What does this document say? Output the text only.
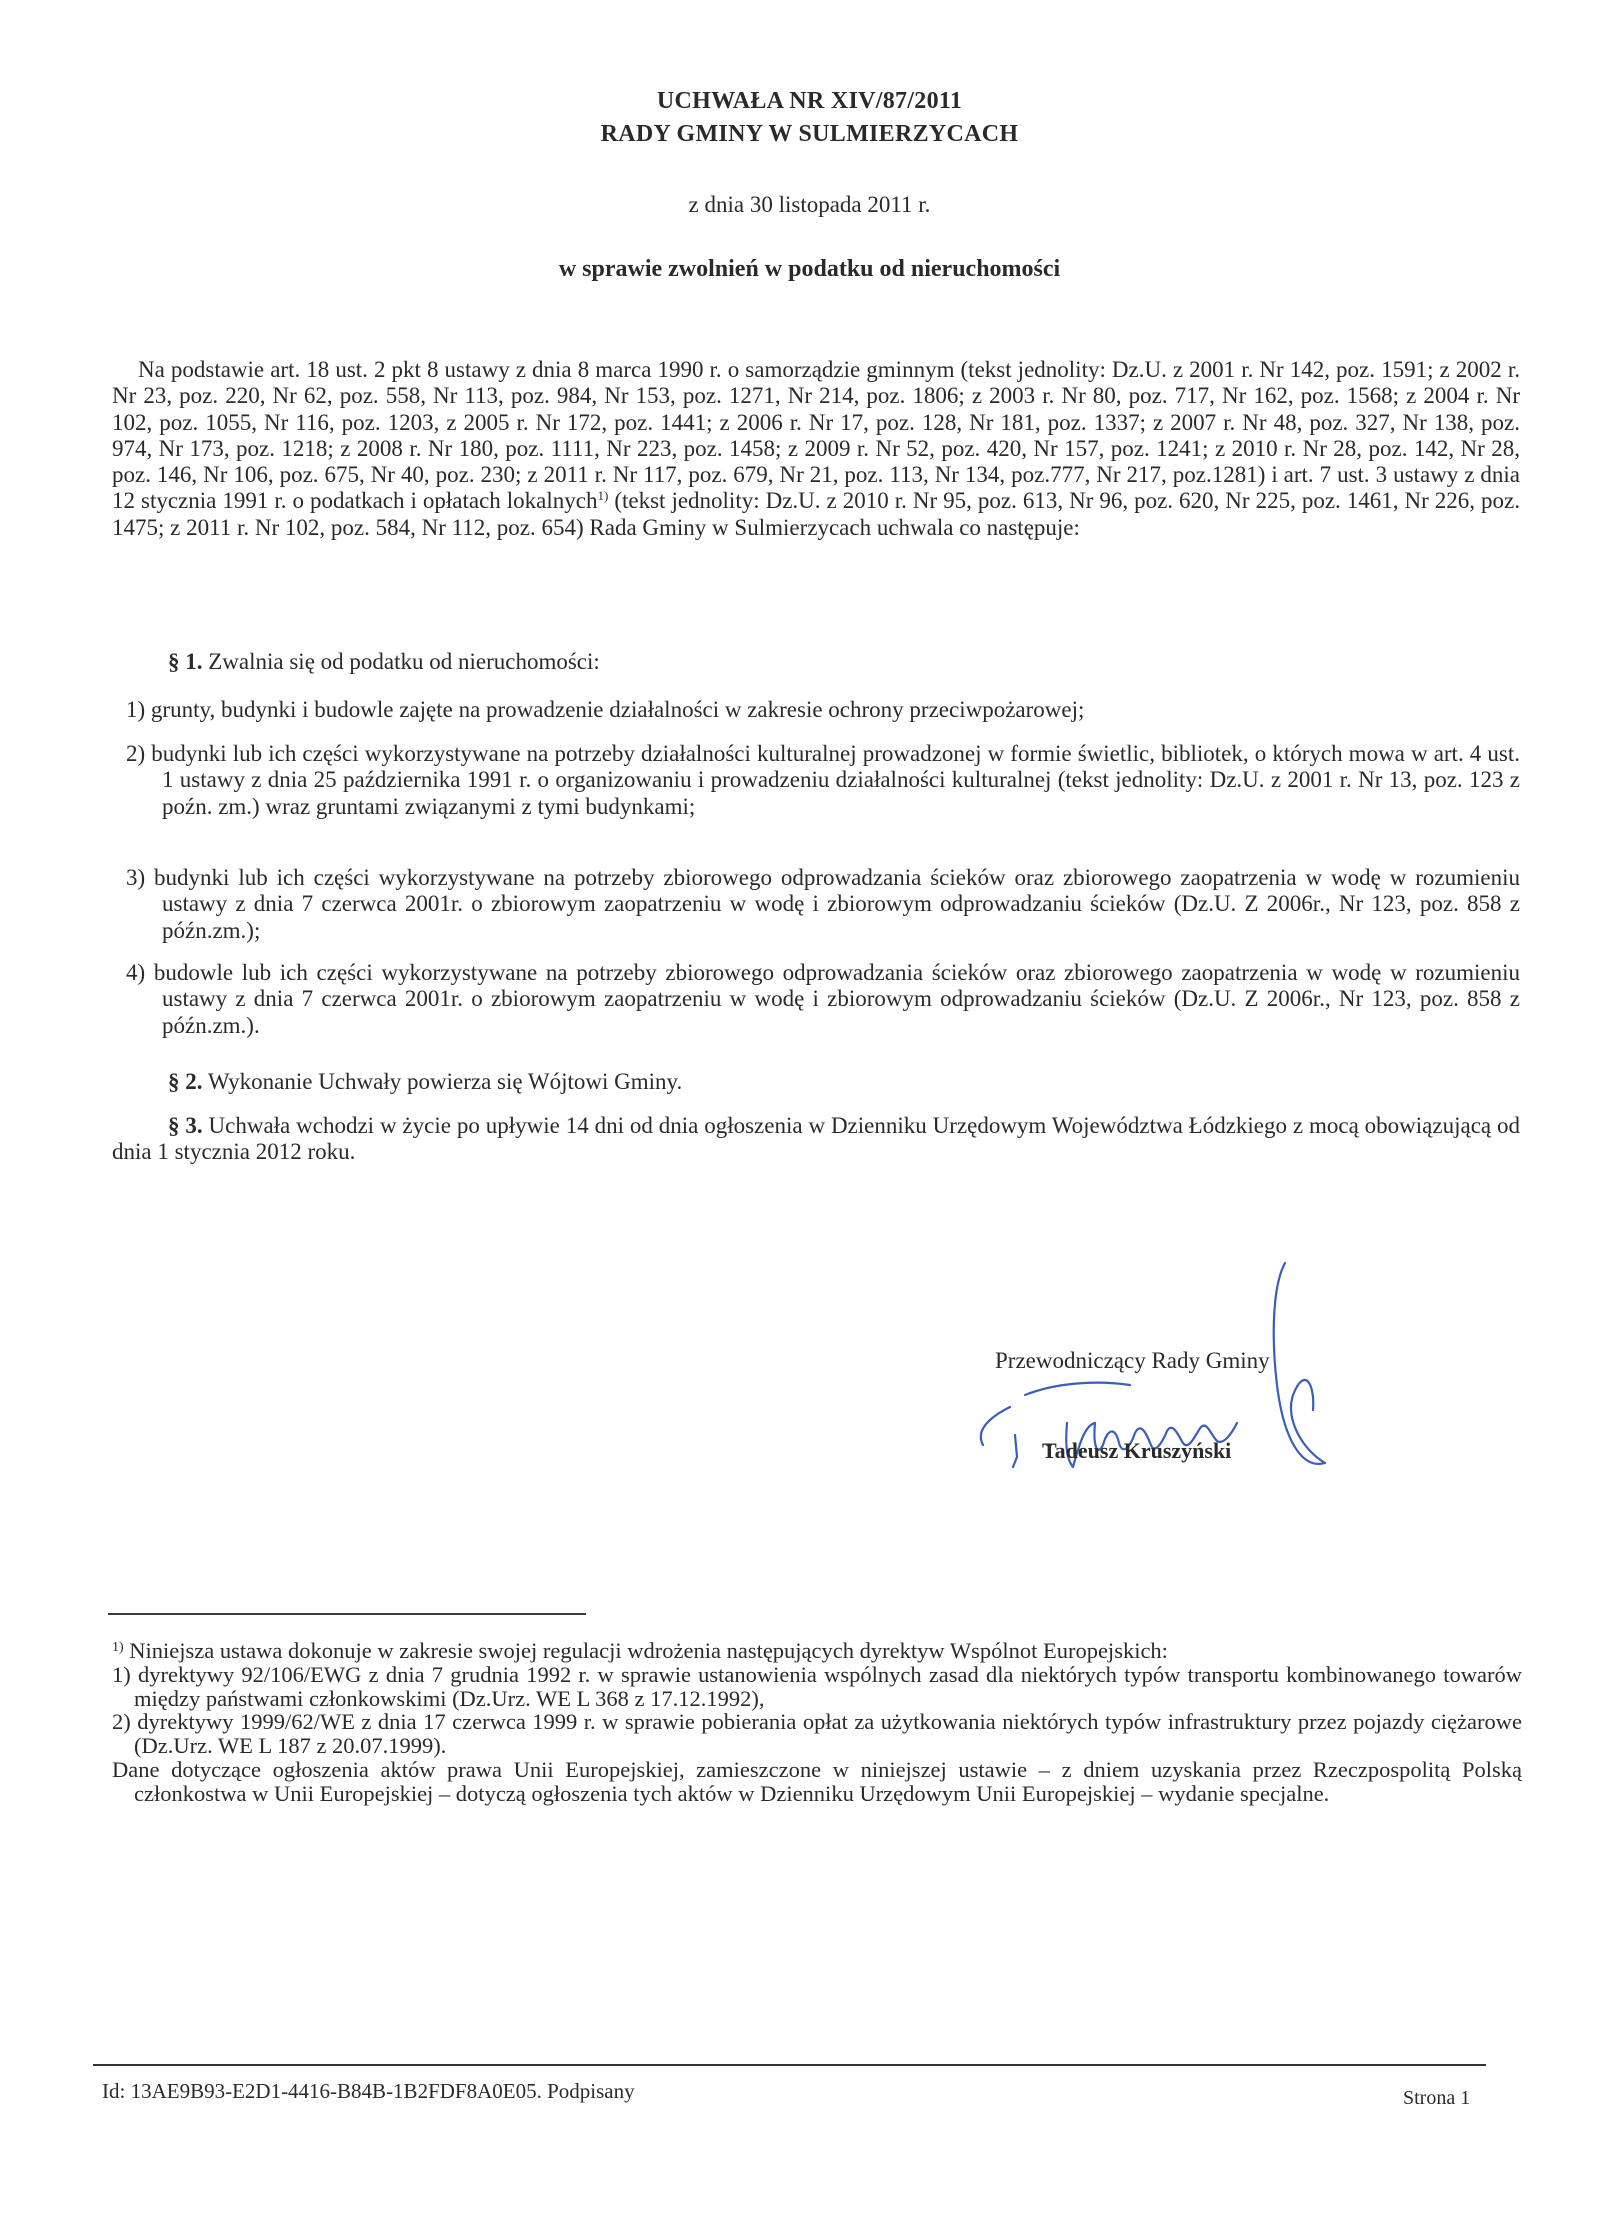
UCHWAŁA NR XIV/87/2011
RADY GMINY W SULMIERZYCACH
z dnia 30 listopada 2011 r.
w sprawie zwolnień w podatku od nieruchomości
Na podstawie art. 18 ust. 2 pkt 8 ustawy z dnia 8 marca 1990 r. o samorządzie gminnym (tekst jednolity: Dz.U. z 2001 r. Nr 142, poz. 1591; z 2002 r. Nr 23, poz. 220, Nr 62, poz. 558, Nr 113, poz. 984, Nr 153, poz. 1271, Nr 214, poz. 1806; z 2003 r. Nr 80, poz. 717, Nr 162, poz. 1568; z 2004 r. Nr 102, poz. 1055, Nr 116, poz. 1203, z 2005 r. Nr 172, poz. 1441; z 2006 r. Nr 17, poz. 128, Nr 181, poz. 1337; z 2007 r. Nr 48, poz. 327, Nr 138, poz. 974, Nr 173, poz. 1218; z 2008 r. Nr 180, poz. 1111, Nr 223, poz. 1458; z 2009 r. Nr 52, poz. 420, Nr 157, poz. 1241; z 2010 r. Nr 28, poz. 142, Nr 28, poz. 146, Nr 106, poz. 675, Nr 40, poz. 230; z 2011 r. Nr 117, poz. 679, Nr 21, poz. 113, Nr 134, poz.777, Nr 217, poz.1281) i art. 7 ust. 3 ustawy z dnia 12 stycznia 1991 r. o podatkach i opłatach lokalnych$^{1)}$ (tekst jednolity: Dz.U. z 2010 r. Nr 95, poz. 613, Nr 96, poz. 620, Nr 225, poz. 1461, Nr 226, poz. 1475; z 2011 r. Nr 102, poz. 584, Nr 112, poz. 654) Rada Gminy w Sulmierzycach uchwala co następuje:
§ 1. Zwalnia się od podatku od nieruchomości:
1) grunty, budynki i budowle zajęte na prowadzenie działalności w zakresie ochrony przeciwpożarowej;
2) budynki lub ich części wykorzystywane na potrzeby działalności kulturalnej prowadzonej w formie świetlic, bibliotek, o których mowa w art. 4 ust. 1 ustawy z dnia 25 października 1991 r. o organizowaniu i prowadzeniu działalności kulturalnej (tekst jednolity: Dz.U. z 2001 r. Nr 13, poz. 123 z poźn. zm.) wraz gruntami związanymi z tymi budynkami;
3) budynki lub ich części wykorzystywane na potrzeby zbiorowego odprowadzania ścieków oraz zbiorowego zaopatrzenia w wodę w rozumieniu ustawy z dnia 7 czerwca 2001r. o zbiorowym zaopatrzeniu w wodę i zbiorowym odprowadzaniu ścieków (Dz.U. Z 2006r., Nr 123, poz. 858 z późn.zm.);
4) budowle lub ich części wykorzystywane na potrzeby zbiorowego odprowadzania ścieków oraz zbiorowego zaopatrzenia w wodę w rozumieniu ustawy z dnia 7 czerwca 2001r. o zbiorowym zaopatrzeniu w wodę i zbiorowym odprowadzaniu ścieków (Dz.U. Z 2006r., Nr 123, poz. 858 z późn.zm.).
§ 2. Wykonanie Uchwały powierza się Wójtowi Gminy.
§ 3. Uchwała wchodzi w życie po upływie 14 dni od dnia ogłoszenia w Dzienniku Urzędowym Województwa Łódzkiego z mocą obowiązującą od dnia 1 stycznia 2012 roku.
Przewodniczący Rady Gminy
Tadeusz Kruszyński

$^{1)}$ Niniejsza ustawa dokonuje w zakresie swojej regulacji wdrożenia następujących dyrektyw Wspólnot Europejskich:

1) dyrektywy 92/106/EWG z dnia 7 grudnia 1992 r. w sprawie ustanowienia wspólnych zasad dla niektórych typów transportu kombinowanego towarów między państwami członkowskimi (Dz.Urz. WE L 368 z 17.12.1992),

2) dyrektywy 1999/62/WE z dnia 17 czerwca 1999 r. w sprawie pobierania opłat za użytkowania niektórych typów infrastruktury przez pojazdy ciężarowe (Dz.Urz. WE L 187 z 20.07.1999).

Dane dotyczące ogłoszenia aktów prawa Unii Europejskiej, zamieszczone w niniejszej ustawie – z dniem uzyskania przez Rzeczpospolitą Polską członkostwa w Unii Europejskiej – dotyczą ogłoszenia tych aktów w Dzienniku Urzędowym Unii Europejskiej – wydanie specjalne.

Id: 13AE9B93-E2D1-4416-B84B-1B2FDF8A0E05. Podpisany	Strona 1
